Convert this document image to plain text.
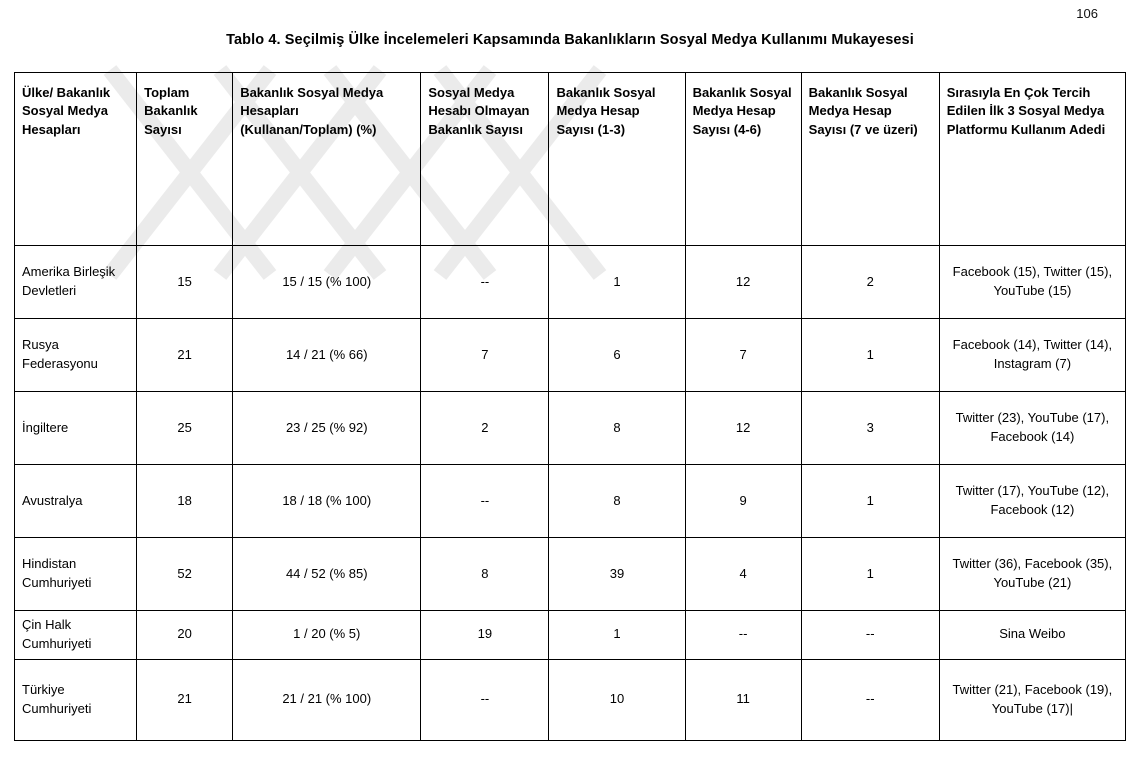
106
Tablo 4. Seçilmiş Ülke İncelemeleri Kapsamında Bakanlıkların Sosyal Medya Kullanımı Mukayesesi
Ülke/ Bakanlık Sosyal Medya Hesapları	Toplam Bakanlık Sayısı	Bakanlık Sosyal Medya Hesapları (Kullanan/Toplam) (%)	Sosyal Medya Hesabı Olmayan Bakanlık Sayısı	Bakanlık Sosyal Medya Hesap Sayısı (1-3)	Bakanlık Sosyal Medya Hesap Sayısı (4-6)	Bakanlık Sosyal Medya Hesap Sayısı (7 ve üzeri)	Sırasıyla En Çok Tercih Edilen İlk 3 Sosyal Medya Platformu Kullanım Adedi
Amerika Birleşik Devletleri	15	15 / 15 (% 100)	--	1	12	2	Facebook (15), Twitter (15), YouTube (15)
Rusya Federasyonu	21	14 / 21 (% 66)	7	6	7	1	Facebook (14), Twitter (14), Instagram (7)
İngiltere	25	23 / 25 (% 92)	2	8	12	3	Twitter (23), YouTube (17), Facebook (14)
Avustralya	18	18 / 18 (% 100)	--	8	9	1	Twitter (17), YouTube (12), Facebook (12)
Hindistan Cumhuriyeti	52	44 / 52 (% 85)	8	39	4	1	Twitter (36), Facebook (35), YouTube (21)
Çin Halk Cumhuriyeti	20	1 / 20 (% 5)	19	1	--	--	Sina Weibo
Türkiye Cumhuriyeti	21	21 / 21 (% 100)	--	10	11	--	Twitter (21), Facebook (19), YouTube (17)|
